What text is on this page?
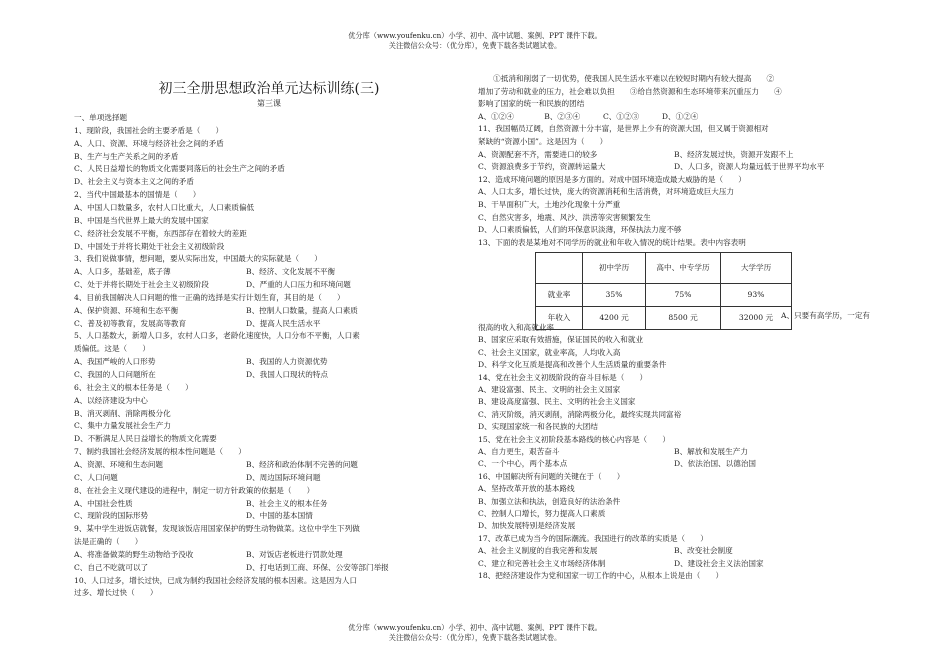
优分库（www.youfenku.cn）小学、初中、高中试题、案例、PPT 课件下载。
关注微信公众号：（优分库），免费下载各类试题试卷。
初三全册思想政治单元达标训练(三)
第三课
一、单项选择题
1、现阶段，我国社会的主要矛盾是（　　）
A、人口、资源、环境与经济社会之间的矛盾
B、生产与生产关系之间的矛盾
C、人民日益增长的物质文化需要同落后的社会生产之间的矛盾
D、社会主义与资本主义之间的矛盾
2、当代中国最基本的国情是（　　）
A、中国人口数量多，农村人口比重大，人口素质偏低
B、中国是当代世界上最大的发展中国家
C、经济社会发展不平衡，东西部存在着较大的差距
D、中国处于并将长期处于社会主义初级阶段
3、我们说做事情，想问题，要从实际出发，中国最大的实际就是（　　）
A、人口多，基础差，底子薄	B、经济、文化发展不平衡
C、处于并将长期处于社会主义初级阶段	D、严重的人口压力和环境问题
4、目前我国解决人口问题的惟一正确的选择是实行计划生育，其目的是（　　）
A、保护资源、环境和生态平衡	B、控制人口数量，提高人口素质
C、普及初等教育，发展高等教育	D、提高人民生活水平
5、人口基数大，新增人口多，农村人口多，老龄化速度快，人口分布不平衡，人口素
质偏低。这是（　　）
A、我国严峻的人口形势	B、我国的人力资源优势
C、我国的人口问题所在	D、我国人口现状的特点
6、社会主义的根本任务是（　　）
A、以经济建设为中心
B、消灭剥削、消除两极分化
C、集中力量发展社会生产力
D、不断满足人民日益增长的物质文化需要
7、制约我国社会经济发展的根本性问题是（　　）
A、资源、环境和生态问题	B、经济和政治体制不完善的问题
C、人口问题	D、周边国际环境问题
8、在社会主义现代建设的进程中，制定一切方针政策的依据是（　　）
A、中国社会性质	B、社会主义的根本任务
C、现阶段的国际形势	D、中国的基本国情
9、某中学生进饭店就餐，发现该饭店用国家保护的野生动物做菜。这位中学生下列做
法是正确的（　　）
A、将准备做菜的野生动物给予没收	B、对饭店老板进行罚款处理
C、自己不吃就可以了	D、打电话到工商、环保、公安等部门举报
10、人口过多，增长过快，已成为制约我国社会经济发展的根本因素。这是因为人口
过多、增长过快（　　）
　　①抵消和削弱了一切优势，使我国人民生活水平难以在较短时期内有较大提高　　②
增加了劳动和就业的压力，社会难以负担　　③给自然资源和生态环境带来沉重压力　　④
影响了国家的统一和民族的团结
A、①②④　　　　B、②③④　　　C、①②③　　　D、①②④
11、我国幅员辽阔，自然资源十分丰富，是世界上少有的资源大国，但又属于资源相对
紧缺的“资源小国”。这是因为（　　）
A、资源配套不齐，需要进口的较多	B、经济发展过快，资源开发跟不上
C、资源浪费多于节约，资源转运量大	D、人口多，资源人均量远低于世界平均水平
12、造成环境问题的原因是多方面的。对成中国环境造成最大威胁的是（　　）
A、人口太多，增长过快，庞大的资源消耗和生活消费，对环境造成巨大压力
B、干旱面积广大，土地沙化现象十分严重
C、自然灾害多，地震、风沙、洪涝等灾害频繁发生
D、人口素质偏低，人们的环保意识淡薄，环保执法力度不够
13、下面的表是某地对不同学历的就业和年收入情况的统计结果。表中内容表明
很高的收入和高就业率
B、国家应采取有效措施，保证国民的收入和就业
C、社会主义国家，就业率高，人均收入高
D、科学文化互质是提高和改善个人生活质量的重要条件
14、党在社会主义初级阶段的奋斗目标是（　　）
A、建设富强、民主、文明的社会主义国家
B、建设高度富强、民主、文明的社会主义国家
C、消灭阶级，消灭剥削，消除两极分化，最终实现共同富裕
D、实现国家统一和各民族的大团结
15、党在社会主义初阶段基本路线的核心内容是（　　）
A、自力更生，艰苦奋斗	B、解放和发展生产力
C、一个中心，两个基本点	D、依法治国、以德治国
16、中国解决所有问题的关键在于（　　）
A、坚持改革开放的基本路线
B、加强立法和执法，创造良好的法治条件
C、控制人口增长，努力提高人口素质
D、加快发展特别是经济发展
17、改革已成为当今的国际潮流。我国进行的改革的实质是（　　）
A、社会主义制度的自我完善和发展	B、改变社会制度
C、建立和完善社会主义市场经济体制	D、建设社会主义法治国家
18、把经济建设作为党和国家一切工作的中心，从根本上说是由（　　）
	初中学历	高中、中专学历	大学学历
就业率	35%	75%	93%
年收入	4200 元	8500 元	32000 元 A、只要有高学历，一定有
优分库（www.youfenku.cn）小学、初中、高中试题、案例、PPT 课件下载。
关注微信公众号：（优分库），免费下载各类试题试卷。
